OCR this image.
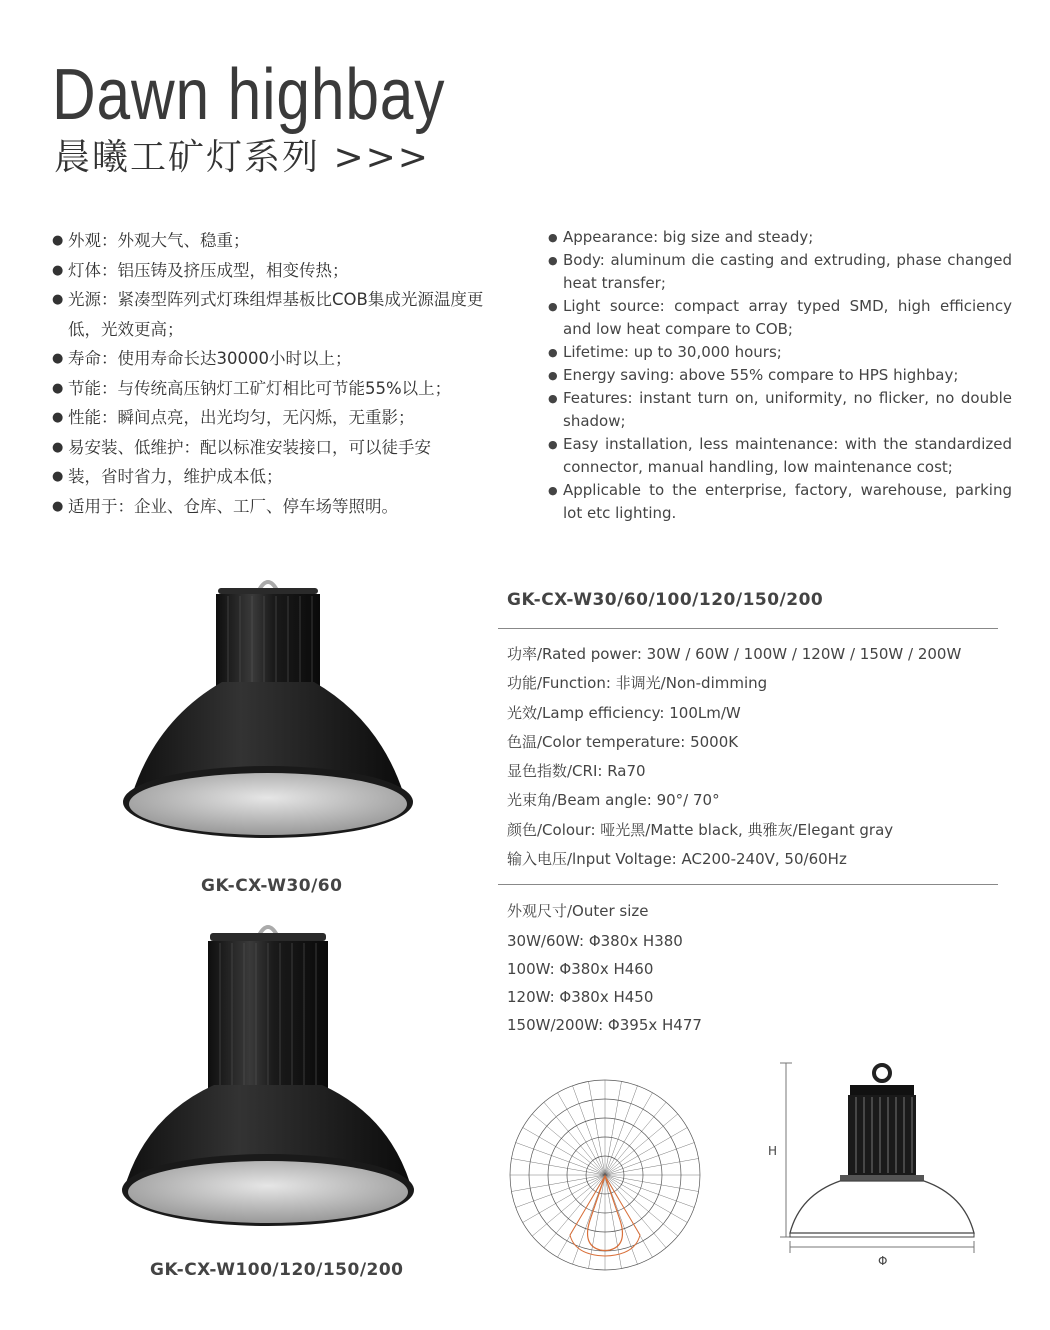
Dawn highbay
晨曦工矿灯系列 >>>
● 外观：外观大气、稳重；
● 灯体：铝压铸及挤压成型，相变传热；
● 光源：紧凑型阵列式灯珠组焊基板比COB集成光源温度更低，光效更高；
● 寿命：使用寿命长达30000小时以上；
● 节能：与传统高压钠灯工矿灯相比可节能55%以上；
● 性能：瞬间点亮，出光均匀，无闪烁，无重影；
● 易安装、低维护：配以标准安装接口，可以徒手安
● 装，省时省力，维护成本低；
● 适用于：企业、仓库、工厂、停车场等照明。
● Appearance: big size and steady;
● Body: aluminum die casting and extruding, phase changed heat transfer;
● Light source: compact array typed SMD, high efficiency and low heat compare to COB;
● Lifetime: up to 30,000 hours;
● Energy saving: above 55% compare to HPS highbay;
● Features: instant turn on, uniformity, no flicker, no double shadow;
● Easy installation, less maintenance: with the standardized connector, manual handling, low maintenance cost;
● Applicable to the enterprise, factory, warehouse, parking lot etc lighting.
GK-CX-W30/60
GK-CX-W100/120/150/200
GK-CX-W30/60/100/120/150/200
功率/Rated power: 30W / 60W / 100W / 120W / 150W / 200W
功能/Function: 非调光/Non-dimming
光效/Lamp efficiency: 100Lm/W
色温/Color temperature: 5000K
显色指数/CRI: Ra70
光束角/Beam angle: 90°/ 70°
颜色/Colour: 哑光黑/Matte black, 典雅灰/Elegant gray
输入电压/lnput Voltage: AC200-240V, 50/60Hz
外观尺寸/Outer size
30W/60W: Φ380x H380
100W: Φ380x H460
120W: Φ380x H450
150W/200W: Φ395x H477
H
Φ
